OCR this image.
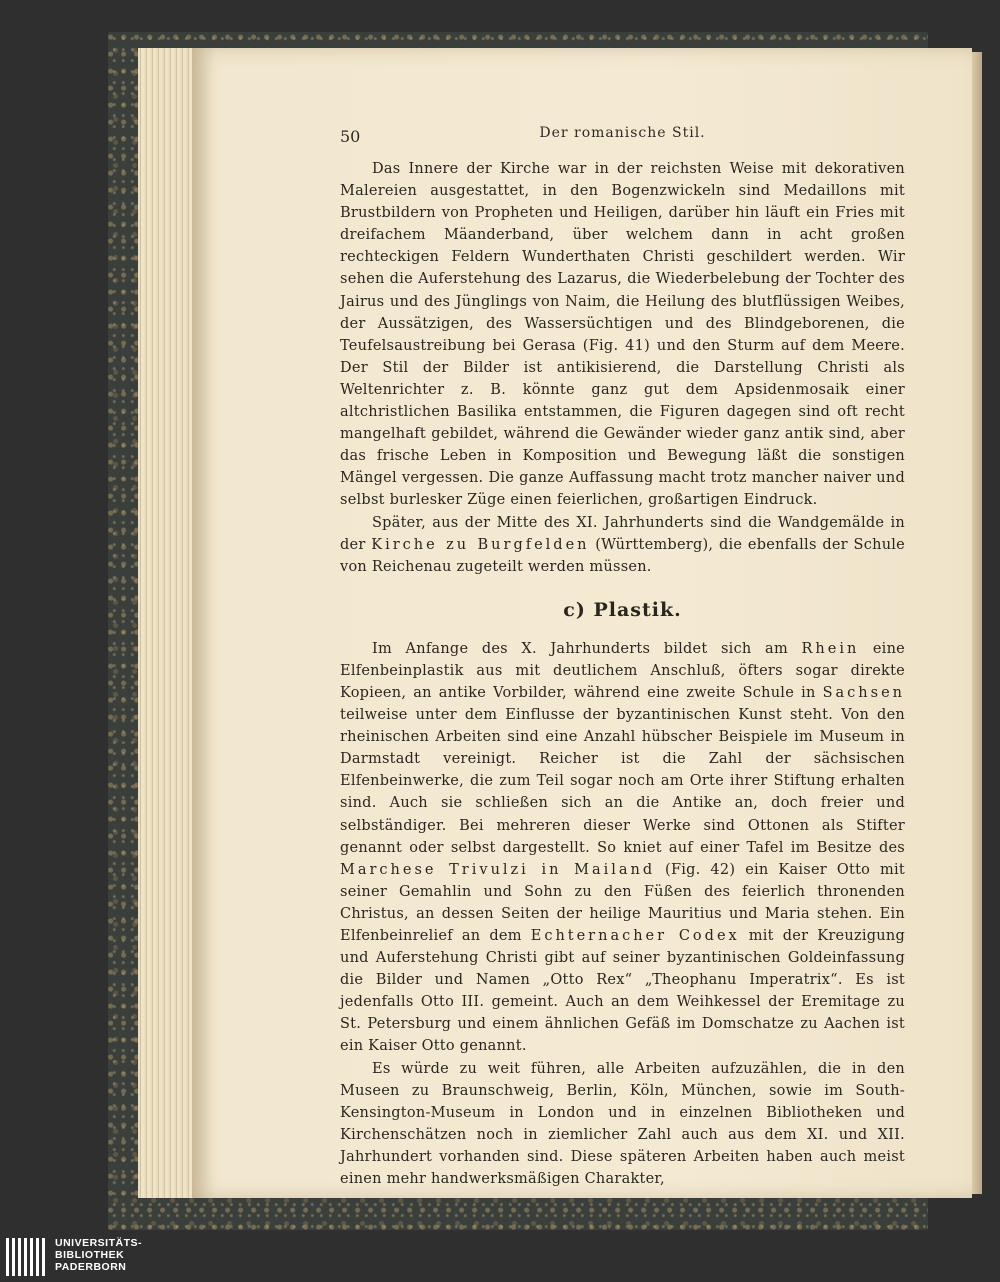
50	Der romanische Stil.

Das Innere der Kirche war in der reichsten Weise mit dekorativen Malereien ausgestattet, in den Bogenzwickeln sind Medaillons mit Brustbildern von Propheten und Heiligen, darüber hin läuft ein Fries mit dreifachem Mäanderband, über welchem dann in acht großen rechteckigen Feldern Wunderthaten Christi geschildert werden. Wir sehen die Auferstehung des Lazarus, die Wiederbelebung der Tochter des Jairus und des Jünglings von Naim, die Heilung des blutflüssigen Weibes, der Aussätzigen, des Wassersüchtigen und des Blindgeborenen, die Teufelsaustreibung bei Gerasa (Fig. 41) und den Sturm auf dem Meere. Der Stil der Bilder ist antikisierend, die Darstellung Christi als Weltenrichter z. B. könnte ganz gut dem Apsidenmosaik einer altchristlichen Basilika entstammen, die Figuren dagegen sind oft recht mangelhaft gebildet, während die Gewänder wieder ganz antik sind, aber das frische Leben in Komposition und Bewegung läßt die sonstigen Mängel vergessen. Die ganze Auffassung macht trotz mancher naiver und selbst burlesker Züge einen feierlichen, großartigen Eindruck.

Später, aus der Mitte des XI. Jahrhunderts sind die Wandgemälde in der Kirche zu Burgfelden (Württemberg), die ebenfalls der Schule von Reichenau zugeteilt werden müssen.

c) Plastik.

Im Anfange des X. Jahrhunderts bildet sich am Rhein eine Elfenbeinplastik aus mit deutlichem Anschluß, öfters sogar direkte Kopieen, an antike Vorbilder, während eine zweite Schule in Sachsen teilweise unter dem Einflusse der byzantinischen Kunst steht. Von den rheinischen Arbeiten sind eine Anzahl hübscher Beispiele im Museum in Darmstadt vereinigt. Reicher ist die Zahl der sächsischen Elfenbeinwerke, die zum Teil sogar noch am Orte ihrer Stiftung erhalten sind. Auch sie schließen sich an die Antike an, doch freier und selbständiger. Bei mehreren dieser Werke sind Ottonen als Stifter genannt oder selbst dargestellt. So kniet auf einer Tafel im Besitze des Marchese Trivulzi in Mailand (Fig. 42) ein Kaiser Otto mit seiner Gemahlin und Sohn zu den Füßen des feierlich thronenden Christus, an dessen Seiten der heilige Mauritius und Maria stehen. Ein Elfenbeinrelief an dem Echternacher Codex mit der Kreuzigung und Auferstehung Christi gibt auf seiner byzantinischen Goldeinfassung die Bilder und Namen „Otto Rex“ „Theophanu Imperatrix“. Es ist jedenfalls Otto III. gemeint. Auch an dem Weihkessel der Eremitage zu St. Petersburg und einem ähnlichen Gefäß im Domschatze zu Aachen ist ein Kaiser Otto genannt.

Es würde zu weit führen, alle Arbeiten aufzuzählen, die in den Museen zu Braunschweig, Berlin, Köln, München, sowie im South-Kensington-Museum in London und in einzelnen Bibliotheken und Kirchenschätzen noch in ziemlicher Zahl auch aus dem XI. und XII. Jahrhundert vorhanden sind. Diese späteren Arbeiten haben auch meist einen mehr handwerksmäßigen Charakter,

UNIVERSITÄTS-
BIBLIOTHEK
PADERBORN
